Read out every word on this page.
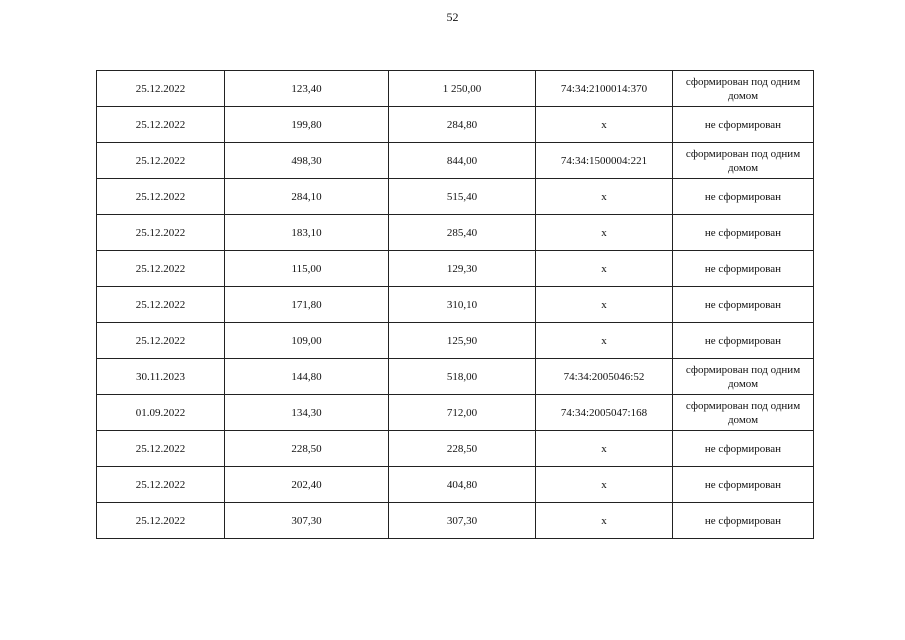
52
25.12.2022	123,40	1 250,00	74:34:2100014:370	сформирован под одним домом
25.12.2022	199,80	284,80	х	не сформирован
25.12.2022	498,30	844,00	74:34:1500004:221	сформирован под одним домом
25.12.2022	284,10	515,40	х	не сформирован
25.12.2022	183,10	285,40	х	не сформирован
25.12.2022	115,00	129,30	х	не сформирован
25.12.2022	171,80	310,10	х	не сформирован
25.12.2022	109,00	125,90	х	не сформирован
30.11.2023	144,80	518,00	74:34:2005046:52	сформирован под одним домом
01.09.2022	134,30	712,00	74:34:2005047:168	сформирован под одним домом
25.12.2022	228,50	228,50	х	не сформирован
25.12.2022	202,40	404,80	х	не сформирован
25.12.2022	307,30	307,30	х	не сформирован
